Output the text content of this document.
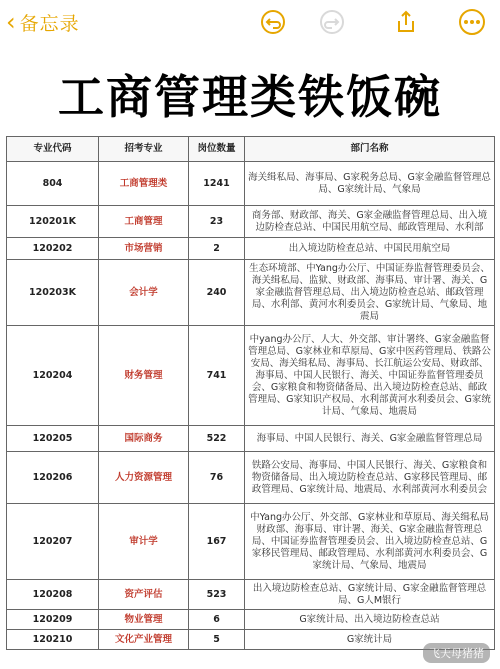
‹ 备忘录
工商管理类铁饭碗
专业代码	招考专业	岗位数量	部门名称
804	工商管理类	1241	海关缉私局、海事局、G家税务总局、G家金融监督管理总局、G家统计局、气象局
120201K	工商管理	23	商务部、财政部、海关、G家金融监督管理总局、出入境边防检查总站、中国民用航空局、邮政管理局、水利部
120202	市场营销	2	出入境边防检查总站、中国民用航空局
120203K	会计学	240	生态环境部、中Yang办公厅、中国证券监督管理委员会、海关缉私局、监狱、财政部、海事局、审计署、海关、G家金融监督管理总局、出入境边防检查总站、邮政管理局、水利部、黄河水利委员会、G家统计局、气象局、地震局
120204	财务管理	741	中yang办公厅、人大、外交部、审计署终、G家金融监督管理总局、G家林业和草原局、G家中医药管理局、铁路公安局、海关缉私局、海事局、长江航运公安局、财政部、海事局、中国人民银行、海关、中国证券监督管理委员会、G家粮食和物资储备局、出入境边防检查总站、邮政管理局、G家知识产权局、水利部黄河水利委员会、G家统计局、气象局、地震局
120205	国际商务	522	海事局、中国人民银行、海关、G家金融监督管理总局
120206	人力资源管理	76	铁路公安局、海事局、中国人民银行、海关、G家粮食和物资储备局、出入境边防检查总站、G家移民管理局、邮政管理局、G家统计局、地震局、水利部黄河水利委员会
120207	审计学	167	中Yang办公厅、外交部、G家林业和草原局、海关缉私局财政部、海事局、审计署、海关、G家金融监督管理总局、中国证券监督管理委员会、出入境边防检查总站、G家移民管理局、邮政管理局、水利部黄河水利委员会、G家统计局、气象局、地震局
120208	资产评估	523	出入境边防检查总站、G家统计局、G家金融监督管理总局、G人M银行
120209	物业管理	6	G家统计局、出入境边防检查总站
120210	文化产业管理	5	G家统计局
飞天母猪猪
